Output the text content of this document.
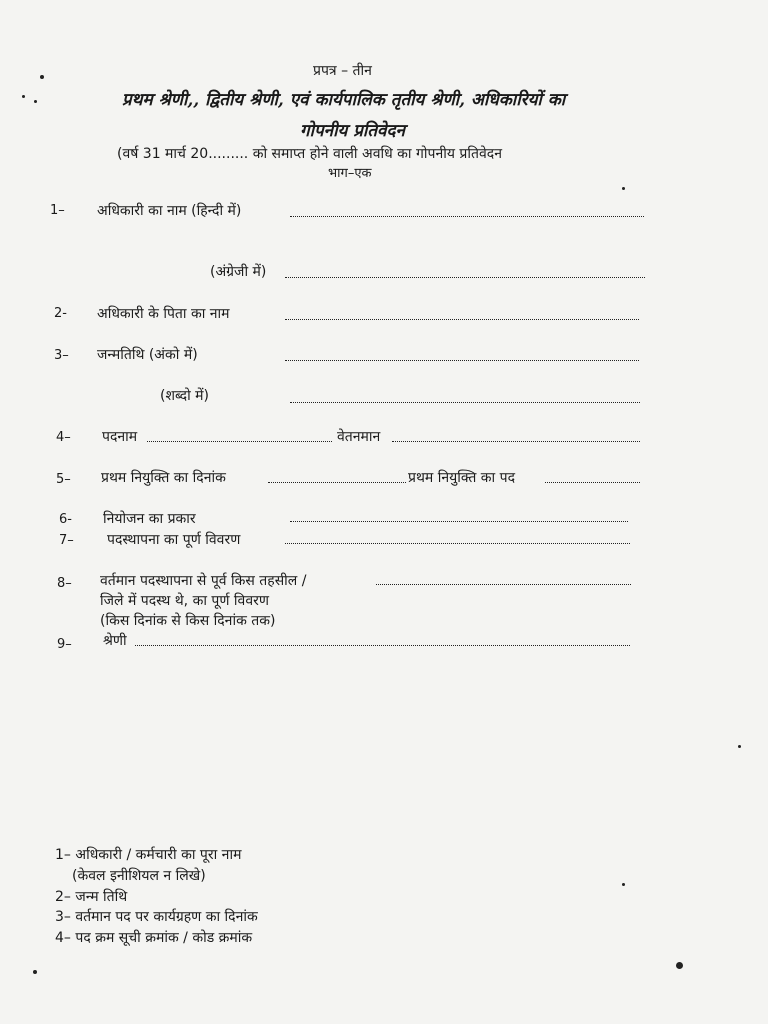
प्रपत्र – तीन
प्रथम श्रेणी,, द्वितीय श्रेणी, एवं कार्यपालिक तृतीय श्रेणी, अधिकारियों का
गोपनीय प्रतिवेदन
(वर्ष 31 मार्च 20......... को समाप्त होने वाली अवधि का गोपनीय प्रतिवेदन
भाग–एक
1– अधिकारी का नाम (हिन्दी में)
(अंग्रेजी में)
2- अधिकारी के पिता का नाम
3– जन्मतिथि (अंको में)
(शब्दो में)
4– पदनाम	वेतनमान
5– प्रथम नियुक्ति का दिनांक	प्रथम नियुक्ति का पद
6- नियोजन का प्रकार
7– पदस्थापना का पूर्ण विवरण
8– वर्तमान पदस्थापना से पूर्व किस तहसील /
जिले में पदस्थ थे, का पूर्ण विवरण
(किस दिनांक से किस दिनांक तक)
9– श्रेणी
1– अधिकारी / कर्मचारी का पूरा नाम
(केवल इनीशियल न लिखे)
2– जन्म तिथि
3– वर्तमान पद पर कार्यग्रहण का दिनांक
4– पद क्रम सूची क्रमांक / कोड क्रमांक
